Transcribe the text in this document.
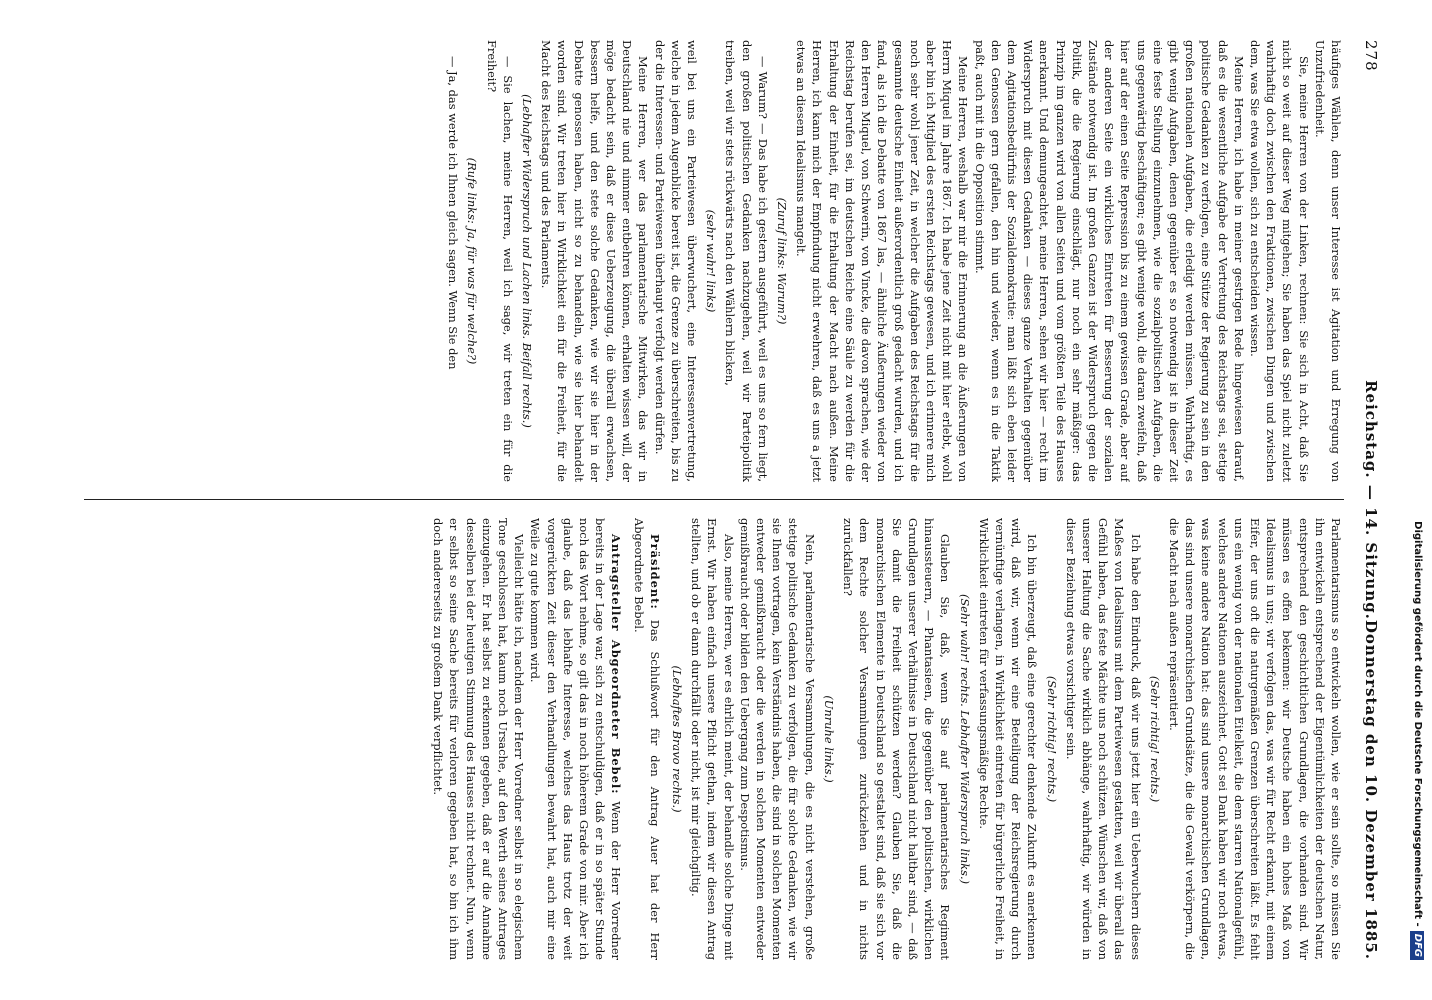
278
Reichstag. — 14. Sitzung.
Donnerstag den 10. Dezember 1885.

häufiges Wählen, denn unser Interesse ist Agitation und Erregung von Unzufriedenheit.

Sie, meine Herren von der Linken, rechnen: Sie sich in Acht, daß Sie nicht so weit auf dieser Weg mitgehen; Sie haben das Spiel nicht zuletzt wahrhaftig doch zwischen den Fraktionen, zwischen Dingen und zwischen dem, was Sie etwa wollen, sich zu entscheiden wissen.

Meine Herren, ich habe in meiner gestrigen Rede hingewiesen darauf, daß es die wesentliche Aufgabe der Vertretung des Reichstags sei, stetige politische Gedanken zu verfolgen, eine Stütze der Regierung zu sein in den großen nationalen Aufgaben, die erledigt werden müssen. Wahrhaftig, es gibt wenig Aufgaben, denen gegenüber es so notwendig ist in dieser Zeit eine feste Stellung einzunehmen, wie die sozialpolitischen Aufgaben, die uns gegenwärtig beschäftigen; es gibt wenige wohl, die daran zweifeln, daß hier auf der einen Seite Repression bis zu einem gewissen Grade, aber auf der anderen Seite ein wirkliches Eintreten für Besserung der sozialen Zustände notwendig ist. Im großen Ganzen ist der Widerspruch gegen die Politik, die die Regierung einschlägt, nur noch ein sehr mäßiger: das Prinzip im ganzen wird von allen Seiten und vom größten Teile des Hauses anerkannt. Und demungeachtet, meine Herren, sehen wir hier — recht im Widerspruch mit diesen Gedanken — dieses ganze Verhalten gegenüber dem Agitationsbedürfnis der Sozialdemokratie: man läßt sich eben leider den Genossen gern gefallen, den hin und wieder, wenn es in die Taktik paßt, auch mit in die Opposition stimmt.

Meine Herren, weshalb war mir die Erinnerung an die Äußerungen von Herrn Miquel im Jahre 1867. Ich habe jene Zeit nicht mit hier erlebt, wohl aber bin ich Mitglied des ersten Reichstags gewesen, und ich erinnere mich noch sehr wohl jener Zeit, in welcher die Aufgaben des Reichstags für die gesammte deutsche Einheit außerordentlich groß gedacht wurden, und ich fand, als ich die Debatte von 1867 las, — ähnliche Äußerungen wieder von den Herren Miquel, von Schwerin, von Vincke, die davon sprachen, wie der Reichstag berufen sei, im deutschen Reiche eine Säule zu werden für die Erhaltung der Einheit, für die Erhaltung der Macht nach außen. Meine Herren, ich kann mich der Empfindung nicht erwehren, daß es uns a jetzt etwas an diesem Idealismus mangelt.

(Zuruf links: Warum?)

— Warum? — Das habe ich gestern ausgeführt, weil es uns so fern liegt, den großen politischen Gedanken nachzugehen, weil wir Parteipolitik treiben, weil wir stets rückwärts nach den Wählern blicken,

(sehr wahr! links)

weil bei uns ein Parteiwesen überwuchert, eine Interessenvertretung, welche in jedem Augenblicke bereit ist, die Grenze zu überschreiten, bis zu der die Interessen- und Parteiwesen überhaupt verfolgt werden dürfen.

Meine Herren, wer das parlamentarische Mitwirken, das wir in Deutschland nie und nimmer entbehren können, erhalten wissen will, der möge bedacht sein, daß er diese Ueberzeugung, die überall erwachsen, bessern helfe, und den stete solche Gedanken, wie wir sie hier in der Debatte genossen haben, nicht so zu behandeln, wie sie hier behandelt worden sind. Wir treten hier in Wirklichkeit ein für die Freiheit, für die Macht des Reichstags und des Parlaments.

(Lebhafter Widerspruch und Lachen links. Beifall rechts.)

— Sie lachen, meine Herren, weil ich sage, wir treten ein für die Freiheit?

(Rufe links: Ja, für was für welche?)

— Ja, das werde ich Ihnen gleich sagen. Wenn Sie den

Parlamentarismus so entwickeln wollen, wie er sein sollte, so müssen Sie ihn entwickeln entsprechend der Eigentümlichkeiten der deutschen Natur, entsprechend den geschichtlichen Grundlagen, die vorhanden sind. Wir müssen es offen bekennen: wir Deutsche haben ein hohes Maß von Idealismus in uns; wir verfolgen das, was wir für Recht erkannt, mit einem Eifer, der uns oft die naturgemäßen Grenzen überschreiten läßt. Es fehlt uns ein wenig von der nationalen Eitelkeit, die dem starren Nationalgefühl, welches andere Nationen auszeichnet. Gott sei Dank haben wir noch etwas, was keine andere Nation hat: das sind unsere monarchischen Grundlagen, das sind unsere monarchischen Grundsätze, die die Gewalt verkörpern, die die Macht nach außen repräsentiert.

(Sehr richtig! rechts.)

Ich habe den Eindruck, daß wir uns jetzt hier ein Ueberwuchern dieses Maßes von Idealismus mit dem Parteiwesen gestatten, weil wir überall das Gefühl haben, das feste Mächte uns noch schützen. Wünschen wir, daß von unserer Haltung die Sache wirklich abhänge, wahrhaftig, wir würden in dieser Beziehung etwas vorsichtiger sein.

(Sehr richtig! rechts.)

Ich bin überzeugt, daß eine gerechter denkende Zukunft es anerkennen wird, daß wir, wenn wir eine Beteiligung der Reichsregierung durch vernünftige verlangen, in Wirklichkeit eintreten für bürgerliche Freiheit, in Wirklichkeit eintreten für verfassungsmäßige Rechte.

(Sehr wahr! rechts. Lebhafter Widerspruch links.)

Glauben Sie, daß, wenn Sie auf parlamentarisches Regiment hinaussteuern, — Phantasieen, die gegenüber den politischen, wirklichen Grundlagen unserer Verhältnisse in Deutschland nicht haltbar sind, — daß Sie damit die Freiheit schützen werden? Glauben Sie, daß die monarchischen Elemente in Deutschland so gestaltet sind, daß sie sich vor dem Rechte solcher Versammlungen zurückziehen und in nichts zurückfallen?

(Unruhe links.)

Nein, parlamentarische Versammlungen, die es nicht verstehen, große stetige politische Gedanken zu verfolgen, die für solche Gedanken, wie wir sie Ihnen vortragen, kein Verständnis haben, die sind in solchen Momenten entweder gemißbraucht oder die werden in solchen Momenten entweder gemißbraucht oder bilden den Uebergang zum Despotismus.

Also, meine Herren, wer es ehrlich meint, der behandle solche Dinge mit Ernst. Wir haben einfach unsere Pflicht gethan, indem wir diesen Antrag stellten, und ob er dann durchfällt oder nicht, ist mir gleichgiltig.

(Lebhaftes Bravo rechts.)

Präsident: Das Schlußwort für den Antrag Auer hat der Herr Abgeordnete Bebel.

Antragsteller Abgeordneter Bebel: Wenn der Herr Vorredner bereits in der Lage war, sich zu entschuldigen, daß er in so später Stunde noch das Wort nehme, so gilt das in noch höherem Grade von mir. Aber ich glaube, daß das lebhafte Interesse, welches das Haus trotz der weit vorgerückten Zeit dieser den Verhandlungen bewahrt hat, auch mir eine Weile zu gute kommen wird.

Vielleicht hätte ich, nachdem der Herr Vorredner selbst in so elegischem Tone geschlossen hat, kaum noch Ursache, auf den Werth seines Antrages einzugehen. Er hat selbst zu erkennen gegeben, daß er auf die Annahme desselben bei der heutigen Stimmung des Hauses nicht rechnet. Nun, wenn er selbst so seine Sache bereits für verloren gegeben hat, so bin ich ihm doch andererseits zu großem Dank verpflichtet.	Digitalisierung gefördert durch die Deutsche Forschungsgemeinschaft -DFG
